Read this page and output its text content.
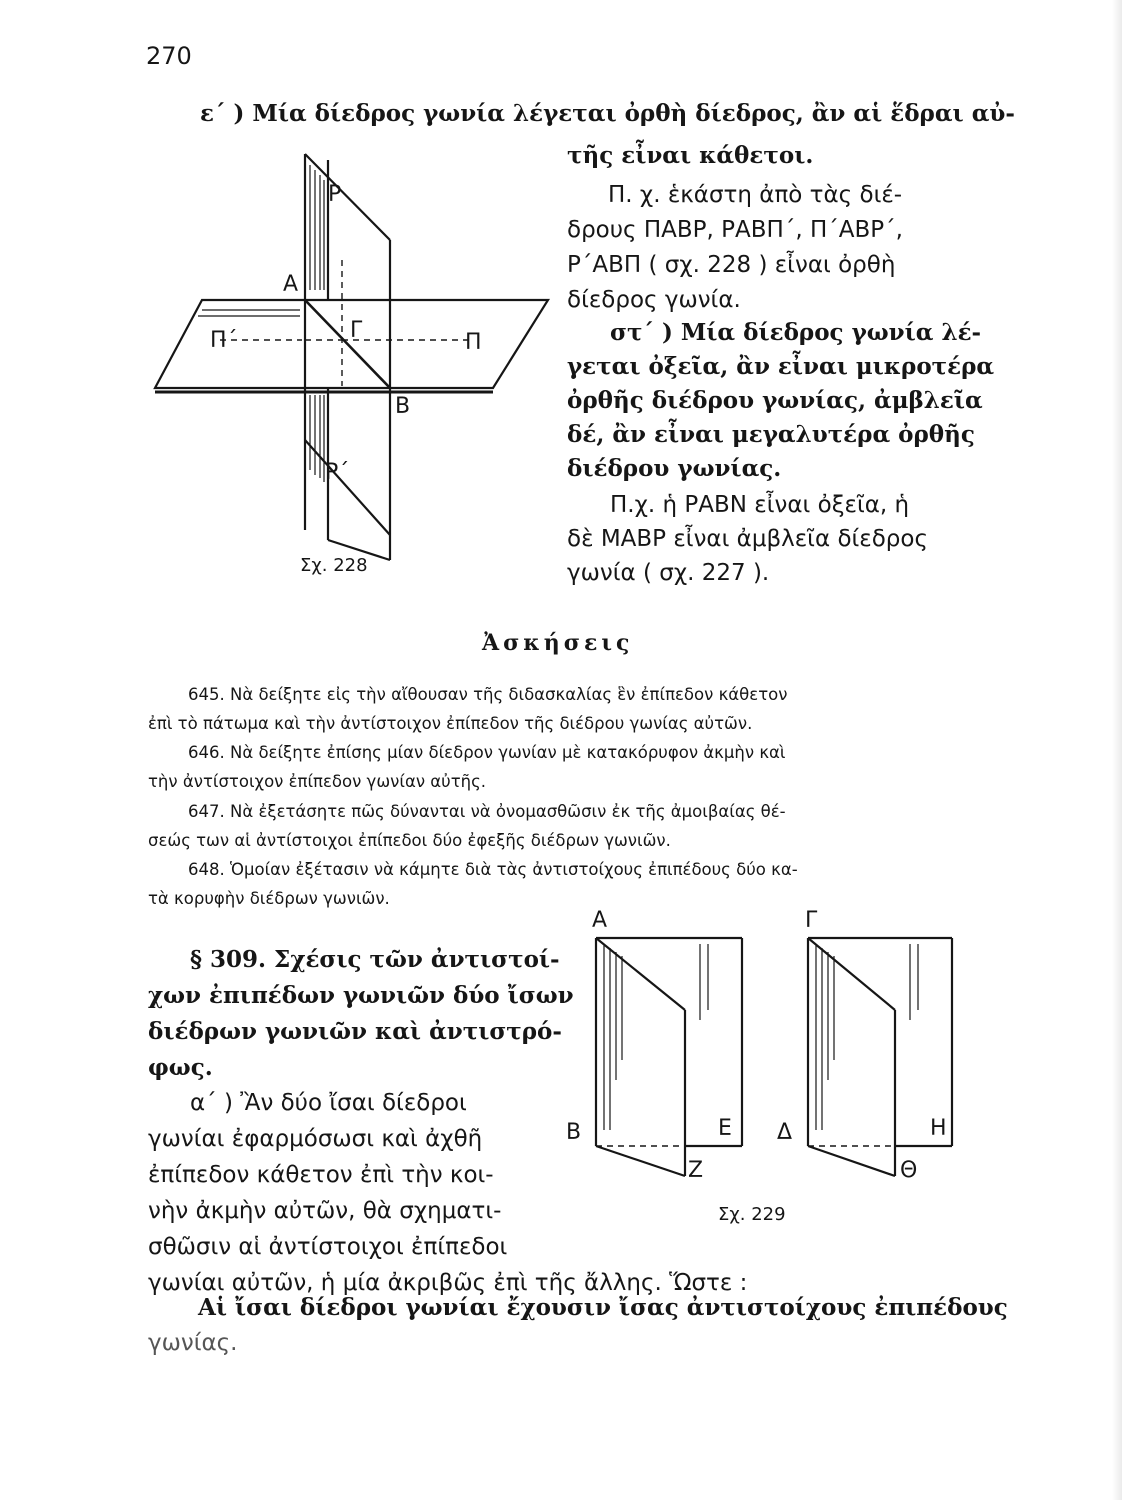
270
ε΄ ) Μία δίεδρος γωνία λέγεται ὀρθὴ δίεδρος, ἂν αἱ ἕδραι αὐ-
τῆς εἶναι κάθετοι.
Π. χ. ἑκάστη ἀπὸ τὰς διέ-
δρους ΠΑΒΡ, ΡΑΒΠ΄, Π΄ΑΒΡ΄,
Ρ΄ΑΒΠ ( σχ. 228 ) εἶναι ὀρθὴ
δίεδρος γωνία.
στ΄ ) Μία δίεδρος γωνία λέ-
γεται ὀξεῖα, ἂν εἶναι μικροτέρα
ὀρθῆς διέδρου γωνίας, ἀμβλεῖα
δέ, ἂν εἶναι μεγαλυτέρα ὀρθῆς
διέδρου γωνίας.
Π.χ. ἡ ΡΑΒΝ εἶναι ὀξεῖα, ἡ
δὲ ΜΑΒΡ εἶναι ἀμβλεῖα δίεδρος
γωνία ( σχ. 227 ).
Ρ
Α
Π΄	Γ	Π
Β
Ρ΄
Σχ. 228
Ἀσκήσεις
645. Νὰ δείξητε εἰς τὴν αἴθουσαν τῆς διδασκαλίας ἓν ἐπίπεδον κάθετον
ἐπὶ τὸ πάτωμα καὶ τὴν ἀντίστοιχον ἐπίπεδον τῆς διέδρου γωνίας αὐτῶν.
646. Νὰ δείξητε ἐπίσης μίαν δίεδρον γωνίαν μὲ κατακόρυφον ἀκμὴν καὶ
τὴν ἀντίστοιχον ἐπίπεδον γωνίαν αὐτῆς.
647. Νὰ ἐξετάσητε πῶς δύνανται νὰ ὀνομασθῶσιν ἐκ τῆς ἀμοιβαίας θέ-
σεώς των αἱ ἀντίστοιχοι ἐπίπεδοι δύο ἐφεξῆς διέδρων γωνιῶν.
648. Ὁμοίαν ἐξέτασιν νὰ κάμητε διὰ τὰς ἀντιστοίχους ἐπιπέδους δύο κα-
τὰ κορυφὴν διέδρων γωνιῶν.
§ 309. Σχέσις τῶν ἀντιστοί-
χων ἐπιπέδων γωνιῶν δύο ἴσων
διέδρων γωνιῶν καὶ ἀντιστρό-
φως.
α΄ ) Ἂν δύο ἴσαι δίεδροι
γωνίαι ἐφαρμόσωσι καὶ ἀχθῆ
ἐπίπεδον κάθετον ἐπὶ τὴν κοι-
νὴν ἀκμὴν αὐτῶν, θὰ σχηματι-
σθῶσιν αἱ ἀντίστοιχοι ἐπίπεδοι
γωνίαι αὐτῶν, ἡ μία ἀκριβῶς ἐπὶ τῆς ἄλλης. Ὥστε :
Αἱ ἴσαι δίεδροι γωνίαι ἔχουσιν ἴσας ἀντιστοίχους ἐπιπέδους
γωνίας.
Α	Γ
Β	Ε
Ζ
Δ	Η
Θ
Σχ. 229
